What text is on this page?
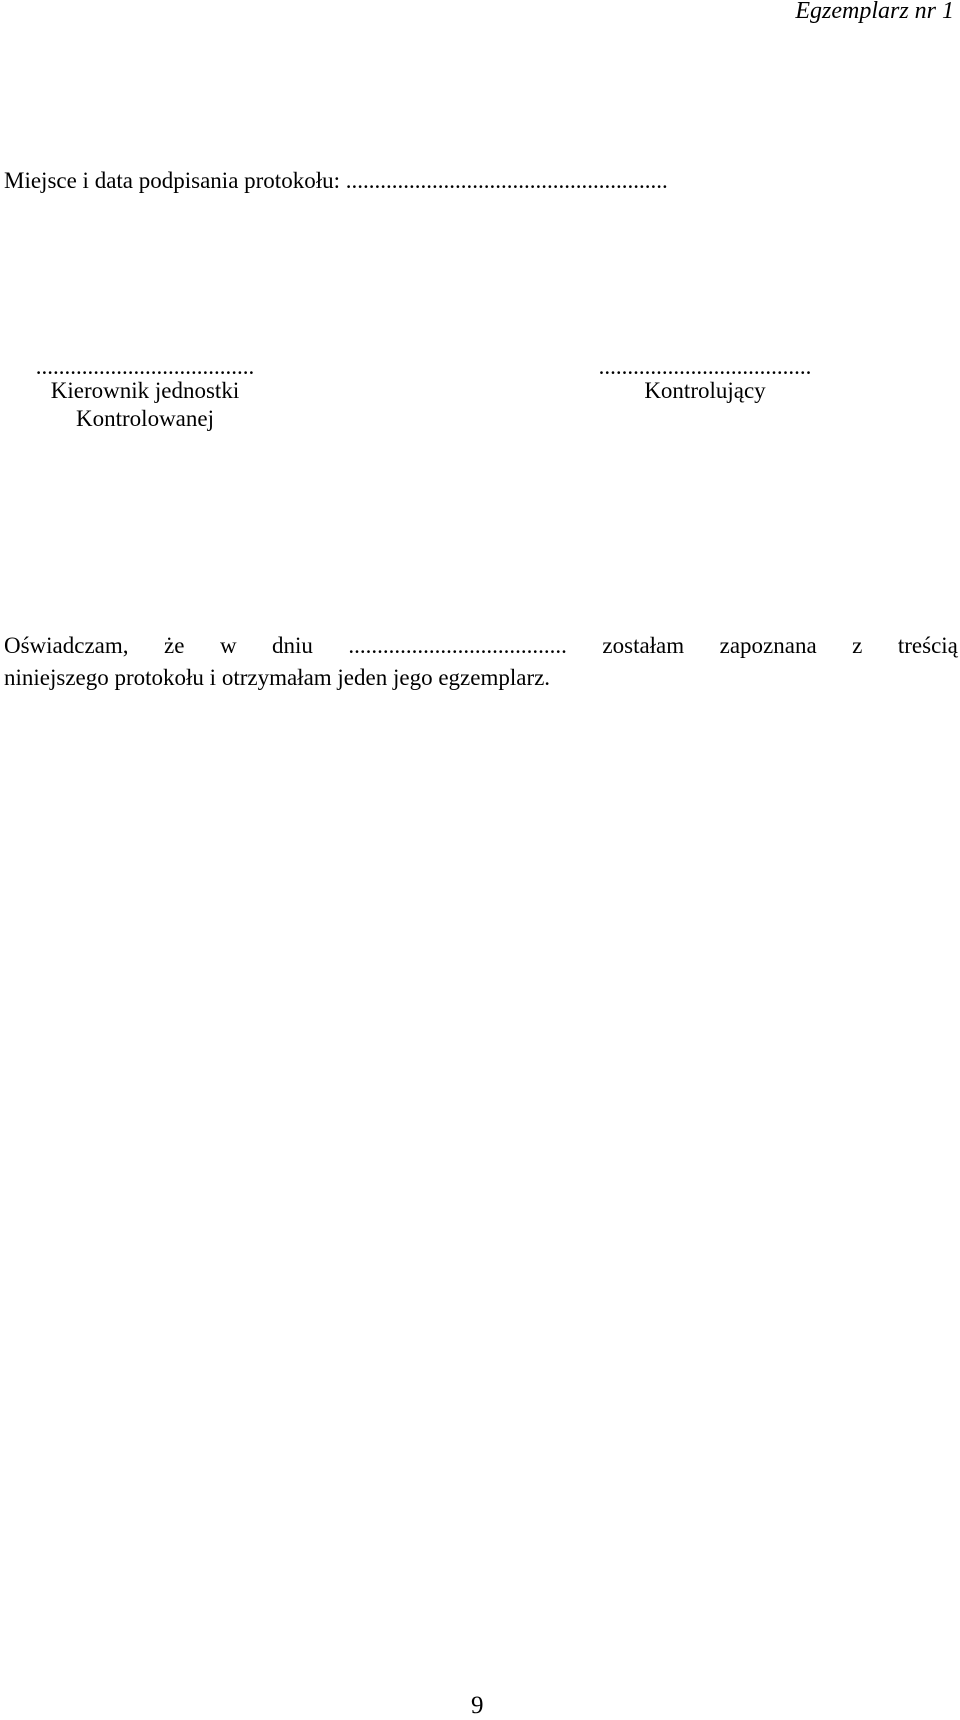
Egzemplarz nr 1
Miejsce i data podpisania protokołu: ........................................................
......................................
Kierownik jednostki
Kontrolowanej
.....................................
Kontrolujący
Oświadczam, że w dniu ...................................... zostałam zapoznana z treścią
niniejszego protokołu i otrzymałam jeden jego egzemplarz.
9
